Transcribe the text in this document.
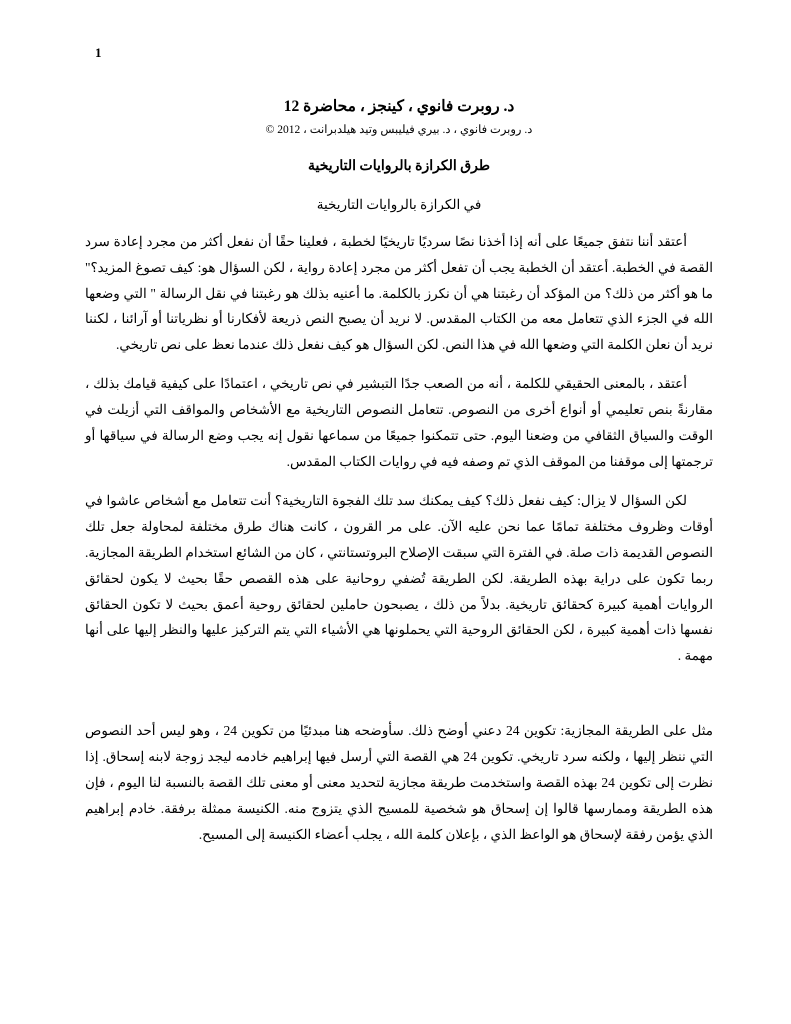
1
د. روبرت فانوي ، كينجز ، محاضرة 12
د. روبرت فانوي ، د. بيري فيليبس وتيد هيلدبرانت ، 2012 ©
طرق الكرازة بالروايات التاريخية
في الكرازة بالروايات التاريخية

أعتقد أننا نتفق جميعًا على أنه إذا أخذنا نصًا سرديًا تاريخيًا لخطبة ، فعلينا حقًا أن نفعل أكثر من مجرد إعادة سرد القصة في الخطبة. أعتقد أن الخطبة يجب أن تفعل أكثر من مجرد إعادة رواية ، لكن السؤال هو: كيف تصوغ المزيد؟" ما هو أكثر من ذلك؟ من المؤكد أن رغبتنا هي أن نكرز بالكلمة. ما أعنيه بذلك هو رغبتنا في نقل الرسالة " التي وضعها الله في الجزء الذي تتعامل معه من الكتاب المقدس. لا نريد أن يصبح النص ذريعة لأفكارنا أو نظرياتنا أو آرائنا ، لكننا نريد أن نعلن الكلمة التي وضعها الله في هذا النص. لكن السؤال هو كيف نفعل ذلك عندما نعظ على نص تاريخي.

أعتقد ، بالمعنى الحقيقي للكلمة ، أنه من الصعب جدًا التبشير في نص تاريخي ، اعتمادًا على كيفية قيامك بذلك ، مقارنةً بنص تعليمي أو أنواع أخرى من النصوص. تتعامل النصوص التاريخية مع الأشخاص والمواقف التي أزيلت في الوقت والسياق الثقافي من وضعنا اليوم. حتى تتمكنوا جميعًا من سماعها نقول إنه يجب وضع الرسالة في سياقها أو ترجمتها إلى موقفنا من الموقف الذي تم وصفه فيه في روايات الكتاب المقدس.

لكن السؤال لا يزال: كيف نفعل ذلك؟ كيف يمكنك سد تلك الفجوة التاريخية؟ أنت تتعامل مع أشخاص عاشوا في أوقات وظروف مختلفة تمامًا عما نحن عليه الآن. على مر القرون ، كانت هناك طرق مختلفة لمحاولة جعل تلك النصوص القديمة ذات صلة. في الفترة التي سبقت الإصلاح البروتستانتي ، كان من الشائع استخدام الطريقة المجازية. ربما تكون على دراية بهذه الطريقة. لكن الطريقة تُضفي روحانية على هذه القصص حقًا بحيث لا يكون لحقائق الروايات أهمية كبيرة كحقائق تاريخية. بدلاً من ذلك ، يصبحون حاملين لحقائق روحية أعمق بحيث لا تكون الحقائق نفسها ذات أهمية كبيرة ، لكن الحقائق الروحية التي يحملونها هي الأشياء التي يتم التركيز عليها والنظر إليها على أنها مهمة .

مثل على الطريقة المجازية: تكوين 24 دعني أوضح ذلك. سأوضحه هنا مبدئيًا من تكوين 24 ، وهو ليس أحد النصوص التي ننظر إليها ، ولكنه سرد تاريخي. تكوين 24 هي القصة التي أرسل فيها إبراهيم خادمه ليجد زوجة لابنه إسحاق. إذا نظرت إلى تكوين 24 بهذه القصة واستخدمت طريقة مجازية لتحديد معنى أو معنى تلك القصة بالنسبة لنا اليوم ، فإن هذه الطريقة وممارسها قالوا إن إسحاق هو شخصية للمسيح الذي يتزوج منه. الكنيسة ممثلة برفقة. خادم إبراهيم الذي يؤمن رفقة لإسحاق هو الواعظ الذي ، بإعلان كلمة الله ، يجلب أعضاء الكنيسة إلى المسيح.
